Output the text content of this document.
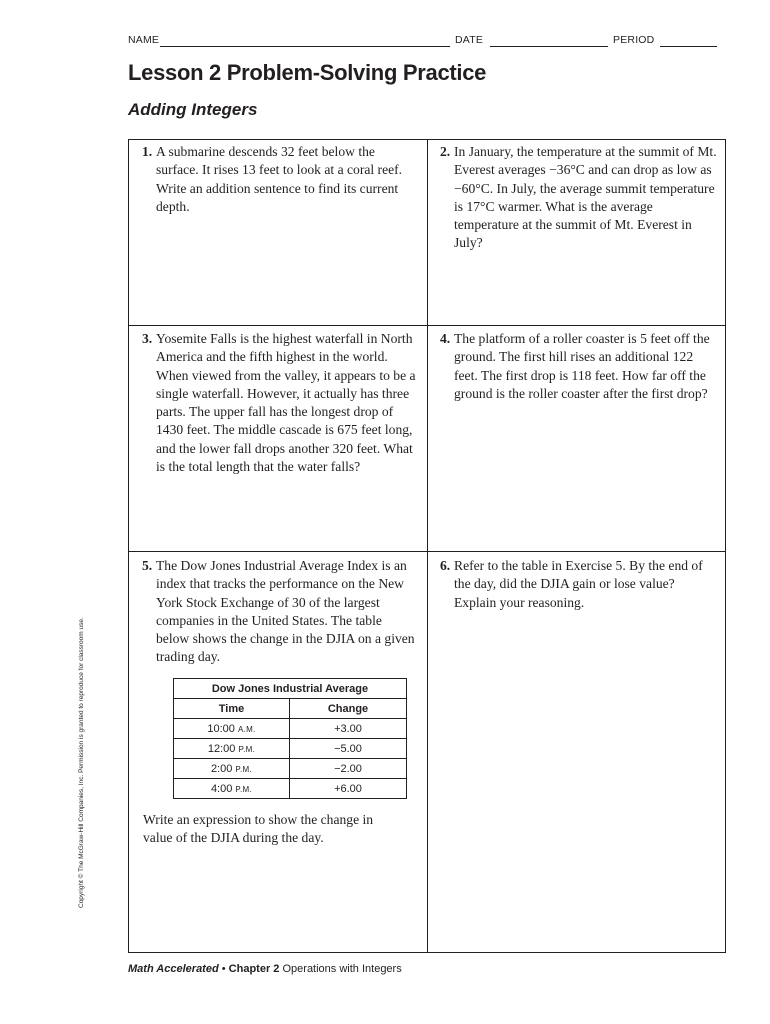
NAME	DATE	PERIOD
Lesson 2 Problem-Solving Practice
Adding Integers
1. A submarine descends 32 feet below the surface. It rises 13 feet to look at a coral reef. Write an addition sentence to find its current depth.
2. In January, the temperature at the summit of Mt. Everest averages −36°C and can drop as low as −60°C. In July, the average summit temperature is 17°C warmer. What is the average temperature at the summit of Mt. Everest in July?
3. Yosemite Falls is the highest waterfall in North America and the fifth highest in the world. When viewed from the valley, it appears to be a single waterfall. However, it actually has three parts. The upper fall has the longest drop of 1430 feet. The middle cascade is 675 feet long, and the lower fall drops another 320 feet. What is the total length that the water falls?
4. The platform of a roller coaster is 5 feet off the ground. The first hill rises an additional 122 feet. The first drop is 118 feet. How far off the ground is the roller coaster after the first drop?
5. The Dow Jones Industrial Average Index is an index that tracks the performance on the New York Stock Exchange of 30 of the largest companies in the United States. The table below shows the change in the DJIA on a given trading day.
Dow Jones Industrial Average	
Time	Change
10:00 A.M.	+3.00
12:00 P.M.	−5.00
2:00 P.M.	−2.00
4:00 P.M.	+6.00
Write an expression to show the change in value of the DJIA during the day.
6. Refer to the table in Exercise 5. By the end of the day, did the DJIA gain or lose value? Explain your reasoning.
Copyright © The McGraw-Hill Companies, Inc. Permission is granted to reproduce for classroom use.
Math Accelerated • Chapter 2 Operations with Integers
